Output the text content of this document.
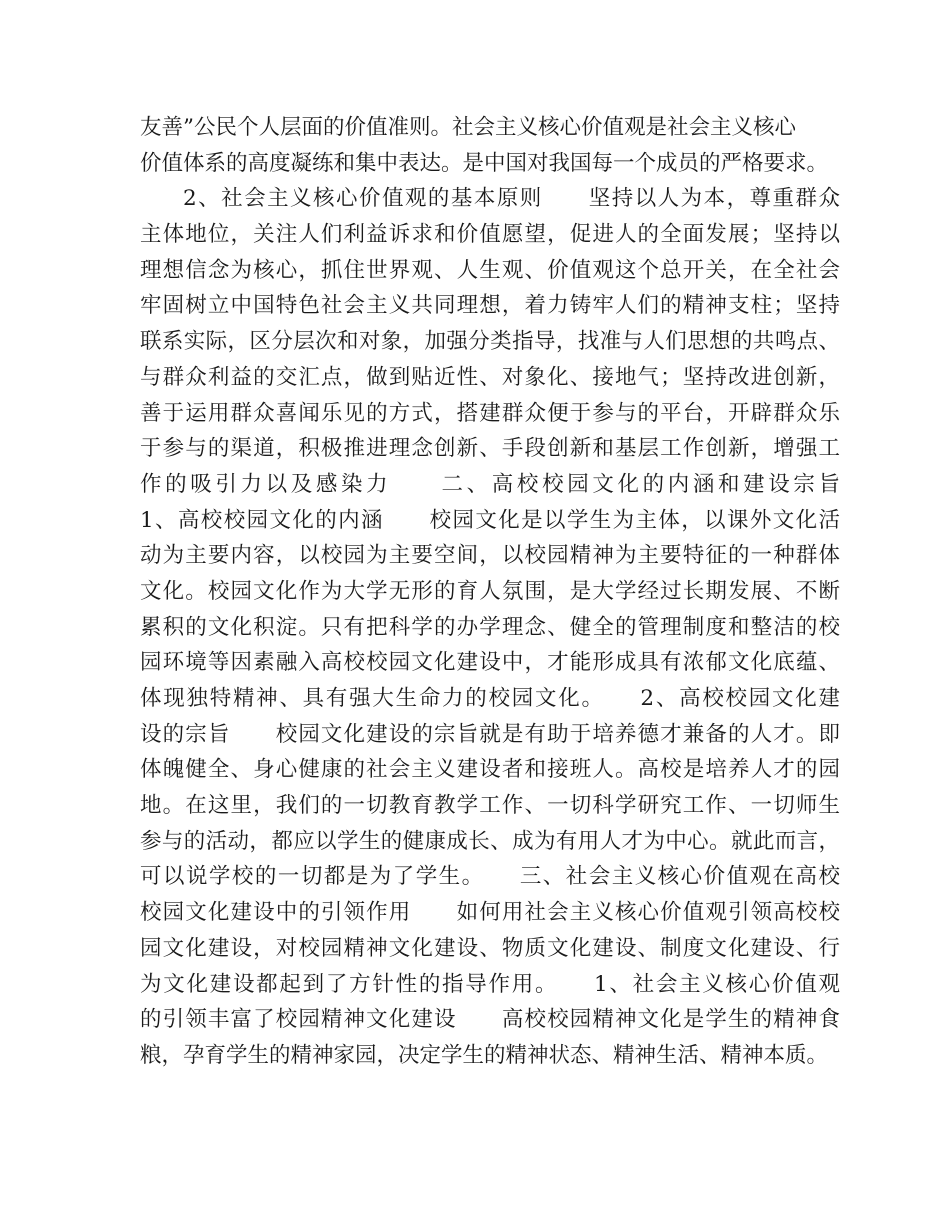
友善”公民个人层面的价值准则。社会主义核心价值观是社会主义核心
价值体系的高度凝练和集中表达。是中国对我国每一个成员的严格要求。
2、社会主义核心价值观的基本原则　　坚持以人为本，尊重群众
主体地位，关注人们利益诉求和价值愿望，促进人的全面发展；坚持以
理想信念为核心，抓住世界观、人生观、价值观这个总开关，在全社会
牢固树立中国特色社会主义共同理想，着力铸牢人们的精神支柱；坚持
联系实际，区分层次和对象，加强分类指导，找准与人们思想的共鸣点、
与群众利益的交汇点，做到贴近性、对象化、接地气；坚持改进创新，
善于运用群众喜闻乐见的方式，搭建群众便于参与的平台，开辟群众乐
于参与的渠道，积极推进理念创新、手段创新和基层工作创新，增强工
作的吸引力以及感染力　　二、高校校园文化的内涵和建设宗旨
1、高校校园文化的内涵　　校园文化是以学生为主体，以课外文化活
动为主要内容，以校园为主要空间，以校园精神为主要特征的一种群体
文化。校园文化作为大学无形的育人氛围，是大学经过长期发展、不断
累积的文化积淀。只有把科学的办学理念、健全的管理制度和整洁的校
园环境等因素融入高校校园文化建设中，才能形成具有浓郁文化底蕴、
体现独特精神、具有强大生命力的校园文化。　　2、高校校园文化建
设的宗旨　　校园文化建设的宗旨就是有助于培养德才兼备的人才。即
体魄健全、身心健康的社会主义建设者和接班人。高校是培养人才的园
地。在这里，我们的一切教育教学工作、一切科学研究工作、一切师生
参与的活动，都应以学生的健康成长、成为有用人才为中心。就此而言，
可以说学校的一切都是为了学生。　　三、社会主义核心价值观在高校
校园文化建设中的引领作用　　如何用社会主义核心价值观引领高校校
园文化建设，对校园精神文化建设、物质文化建设、制度文化建设、行
为文化建设都起到了方针性的指导作用。　　1、社会主义核心价值观
的引领丰富了校园精神文化建设　　高校校园精神文化是学生的精神食
粮，孕育学生的精神家园，决定学生的精神状态、精神生活、精神本质。
